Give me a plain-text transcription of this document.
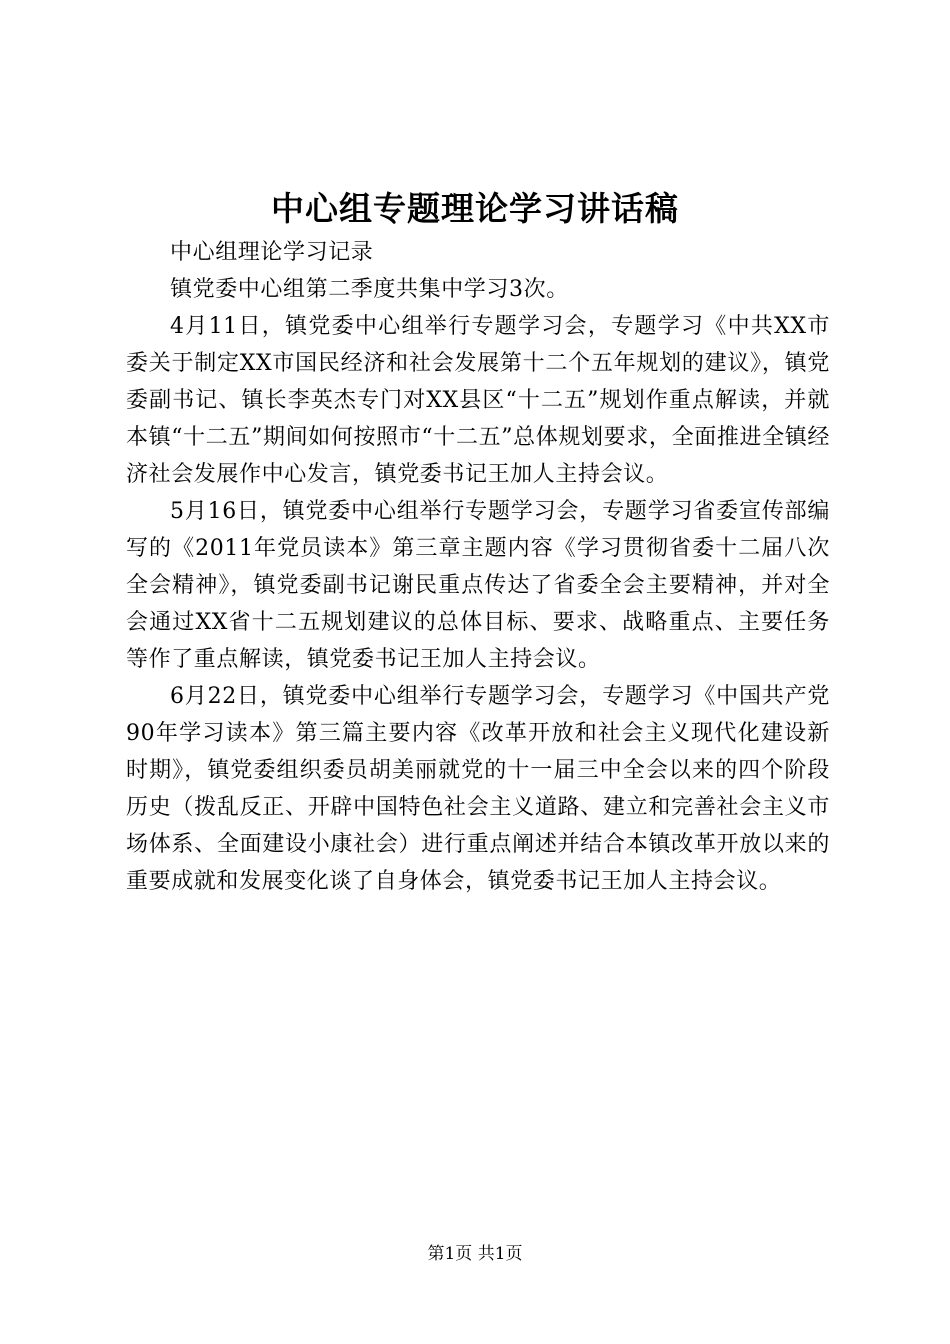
中心组专题理论学习讲话稿

中心组理论学习记录

镇党委中心组第二季度共集中学习3次。

4月11日，镇党委中心组举行专题学习会，专题学习《中共XX市委关于制定XX市国民经济和社会发展第十二个五年规划的建议》，镇党委副书记、镇长李英杰专门对XX县区“十二五”规划作重点解读，并就本镇“十二五”期间如何按照市“十二五”总体规划要求，全面推进全镇经济社会发展作中心发言，镇党委书记王加人主持会议。

5月16日，镇党委中心组举行专题学习会，专题学习省委宣传部编写的《2011年党员读本》第三章主题内容《学习贯彻省委十二届八次全会精神》，镇党委副书记谢民重点传达了省委全会主要精神，并对全会通过XX省十二五规划建议的总体目标、要求、战略重点、主要任务等作了重点解读，镇党委书记王加人主持会议。

6月22日，镇党委中心组举行专题学习会，专题学习《中国共产党90年学习读本》第三篇主要内容《改革开放和社会主义现代化建设新时期》，镇党委组织委员胡美丽就党的十一届三中全会以来的四个阶段历史（拨乱反正、开辟中国特色社会主义道路、建立和完善社会主义市场体系、全面建设小康社会）进行重点阐述并结合本镇改革开放以来的重要成就和发展变化谈了自身体会，镇党委书记王加人主持会议。

第1页 共1页
